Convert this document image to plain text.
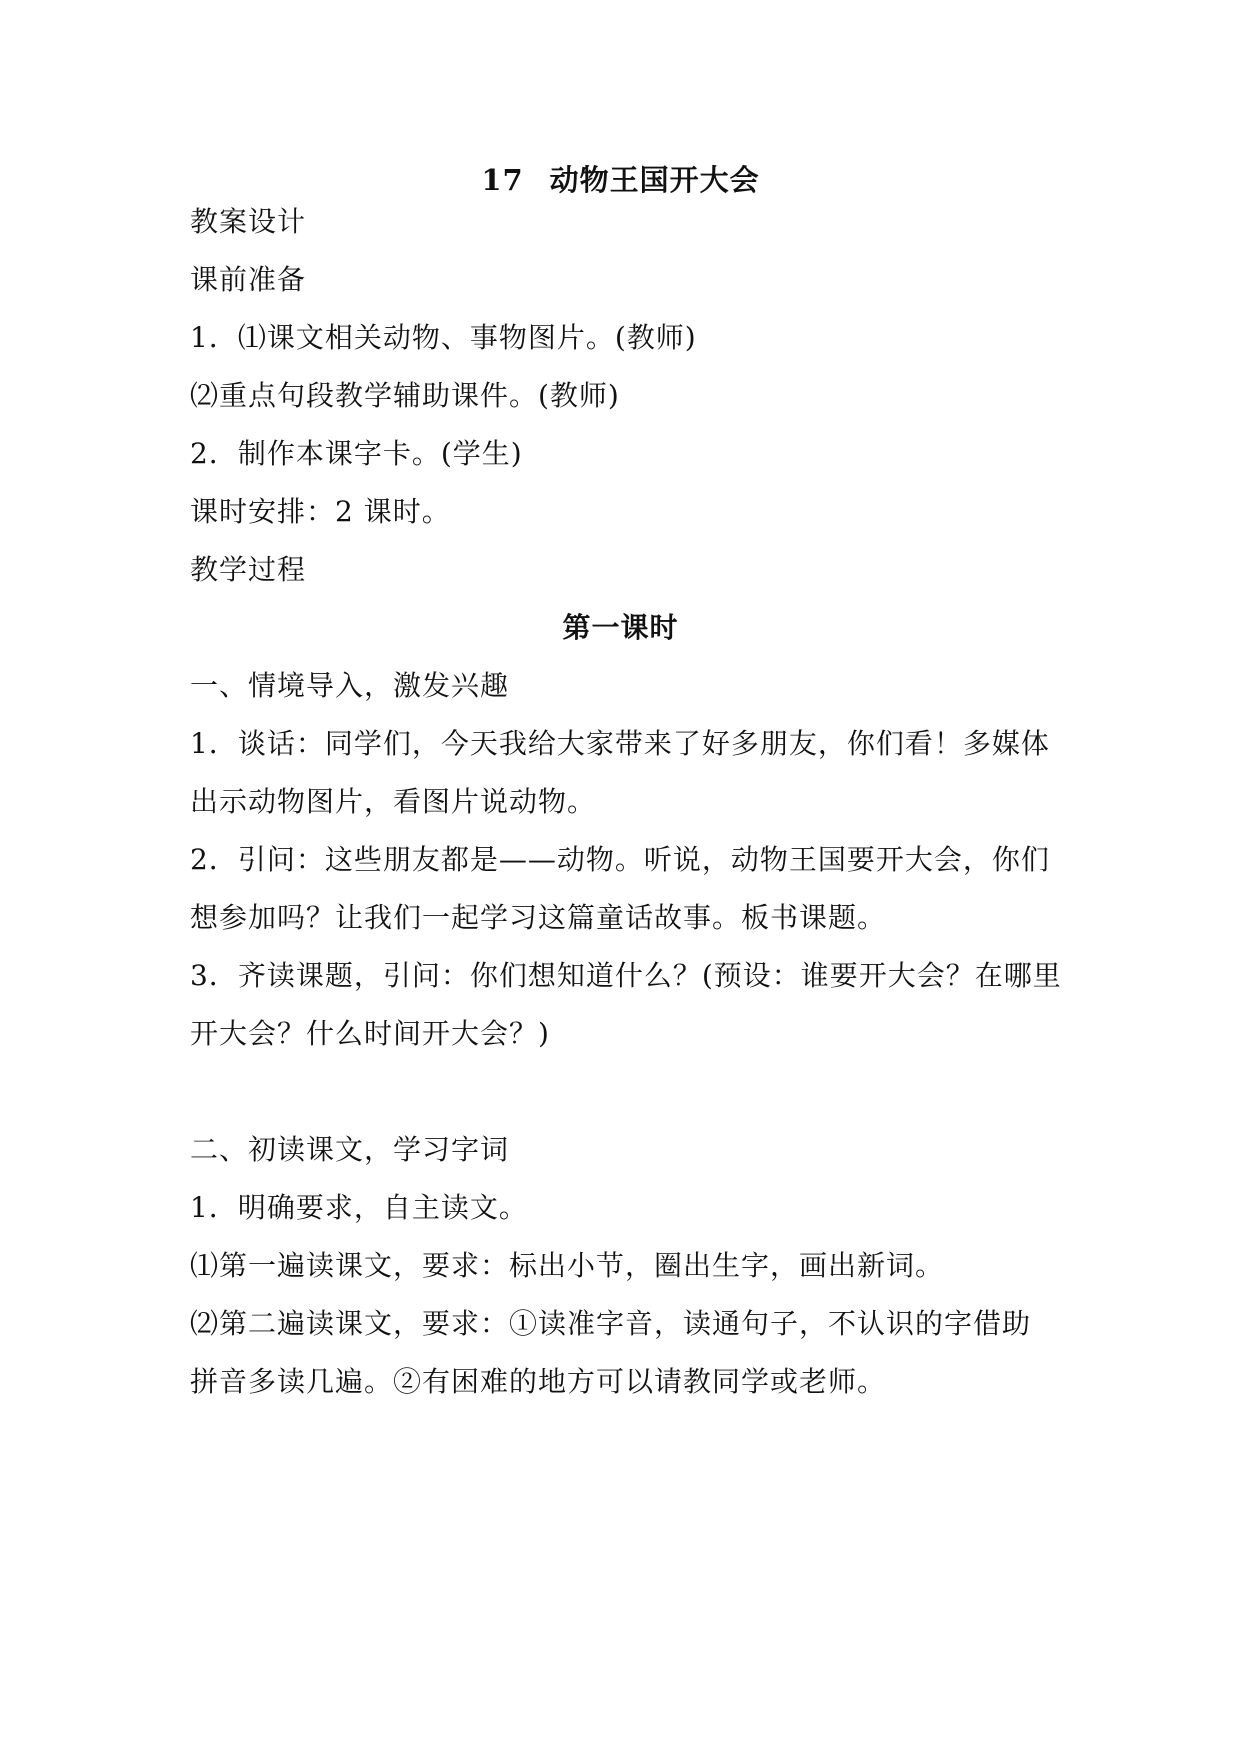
17 动物王国开大会
教案设计
课前准备
1．⑴课文相关动物、事物图片。(教师)
⑵重点句段教学辅助课件。(教师)
2．制作本课字卡。(学生)
课时安排：2 课时。
教学过程
第一课时
一、情境导入，激发兴趣
1．谈话：同学们，今天我给大家带来了好多朋友，你们看！多媒体
出示动物图片，看图片说动物。
2．引问：这些朋友都是——动物。听说，动物王国要开大会，你们
想参加吗？让我们一起学习这篇童话故事。板书课题。
3．齐读课题，引问：你们想知道什么？(预设：谁要开大会？在哪里
开大会？什么时间开大会？)
二、初读课文，学习字词
1．明确要求，自主读文。
⑴第一遍读课文，要求：标出小节，圈出生字，画出新词。
⑵第二遍读课文，要求：①读准字音，读通句子，不认识的字借助
拼音多读几遍。②有困难的地方可以请教同学或老师。
